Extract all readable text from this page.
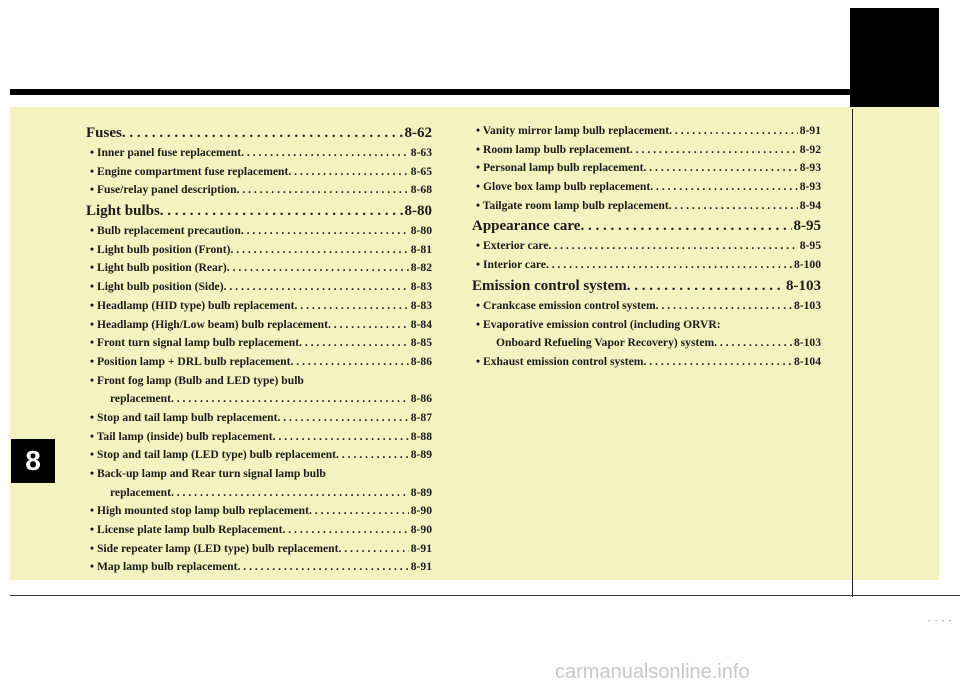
8
Fuses . . .	8-62
• Inner panel fuse replacement . . .	8-63
• Engine compartment fuse replacement . . .	8-65
• Fuse/relay panel description . . .	8-68
Light bulbs . . .	8-80
• Bulb replacement precaution . . .	8-80
• Light bulb position (Front) . . .	8-81
• Light bulb position (Rear) . . .	8-82
• Light bulb position (Side) . . .	8-83
• Headlamp (HID type) bulb replacement . . .	8-83
• Headlamp (High/Low beam) bulb replacement . . .	8-84
• Front turn signal lamp bulb replacement . . .	8-85
• Position lamp + DRL bulb replacement . . .	8-86
• Front fog lamp (Bulb and LED type) bulb
replacement . . .	8-86
• Stop and tail lamp bulb replacement . . .	8-87
• Tail lamp (inside) bulb replacement . . .	8-88
• Stop and tail lamp (LED type) bulb replacement . . .	8-89
• Back-up lamp and Rear turn signal lamp bulb
replacement . . .	8-89
• High mounted stop lamp bulb replacement . . .	8-90
• License plate lamp bulb Replacement . . .	8-90
• Side repeater lamp (LED type) bulb replacement . . .	8-91
• Map lamp bulb replacement . . .	8-91
• Vanity mirror lamp bulb replacement . . .	8-91
• Room lamp bulb replacement . . .	8-92
• Personal lamp bulb replacement . . .	8-93
• Glove box lamp bulb replacement . . .	8-93
• Tailgate room lamp bulb replacement . . .	8-94
Appearance care . . .	8-95
• Exterior care . . .	8-95
• Interior care . . .	8-100
Emission control system . . .	8-103
• Crankcase emission control system . . .	8-103
• Evaporative emission control (including ORVR:
Onboard Refueling Vapor Recovery) system . . .	8-103
• Exhaust emission control system . . .	8-104
- - - -
carmanualsonline.info
